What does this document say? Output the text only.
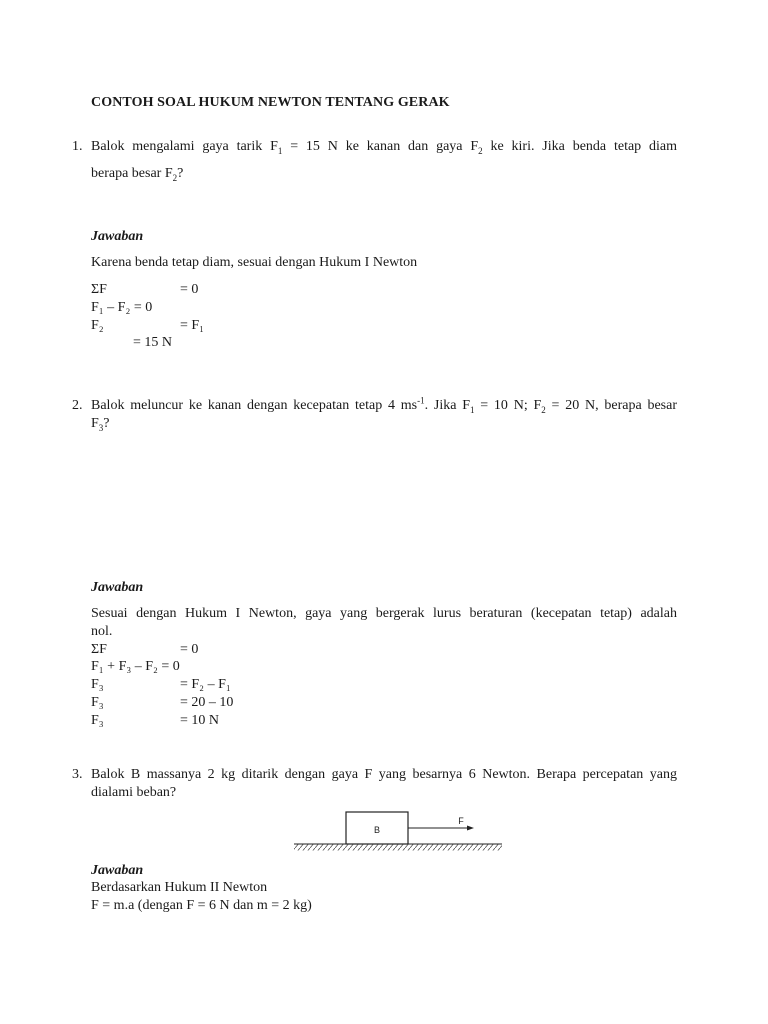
CONTOH SOAL HUKUM NEWTON TENTANG GERAK
1. Balok mengalami gaya tarik $F_1 = 15$ N ke kanan dan gaya $F_2$ ke kiri. Jika benda tetap diam
berapa besar $F_2$?
Jawaban
Karena benda tetap diam, sesuai dengan Hukum I Newton
ΣF	= 0
F₁ – F₂ = 0
F₂	= F₁
= 15 N
2. Balok meluncur ke kanan dengan kecepatan tetap 4 $ms^{-1}$. Jika $F_1 = 10$ N; $F_2 = 20$ N, berapa besar
$F_3$?
Jawaban
Sesuai dengan Hukum I Newton, gaya yang bergerak lurus beraturan (kecepatan tetap) adalah
nol.
ΣF	= 0
F₁ + F₃ – F₂ = 0
F₃	= F₂ – F₁
F₃	= 20 – 10
F₃	= 10 N
3. Balok B massanya 2 kg ditarik dengan gaya F yang besarnya 6 Newton. Berapa percepatan yang
dialami beban?
B
F
Jawaban
Berdasarkan Hukum II Newton
F = m.a (dengan F = 6 N dan m = 2 kg)
